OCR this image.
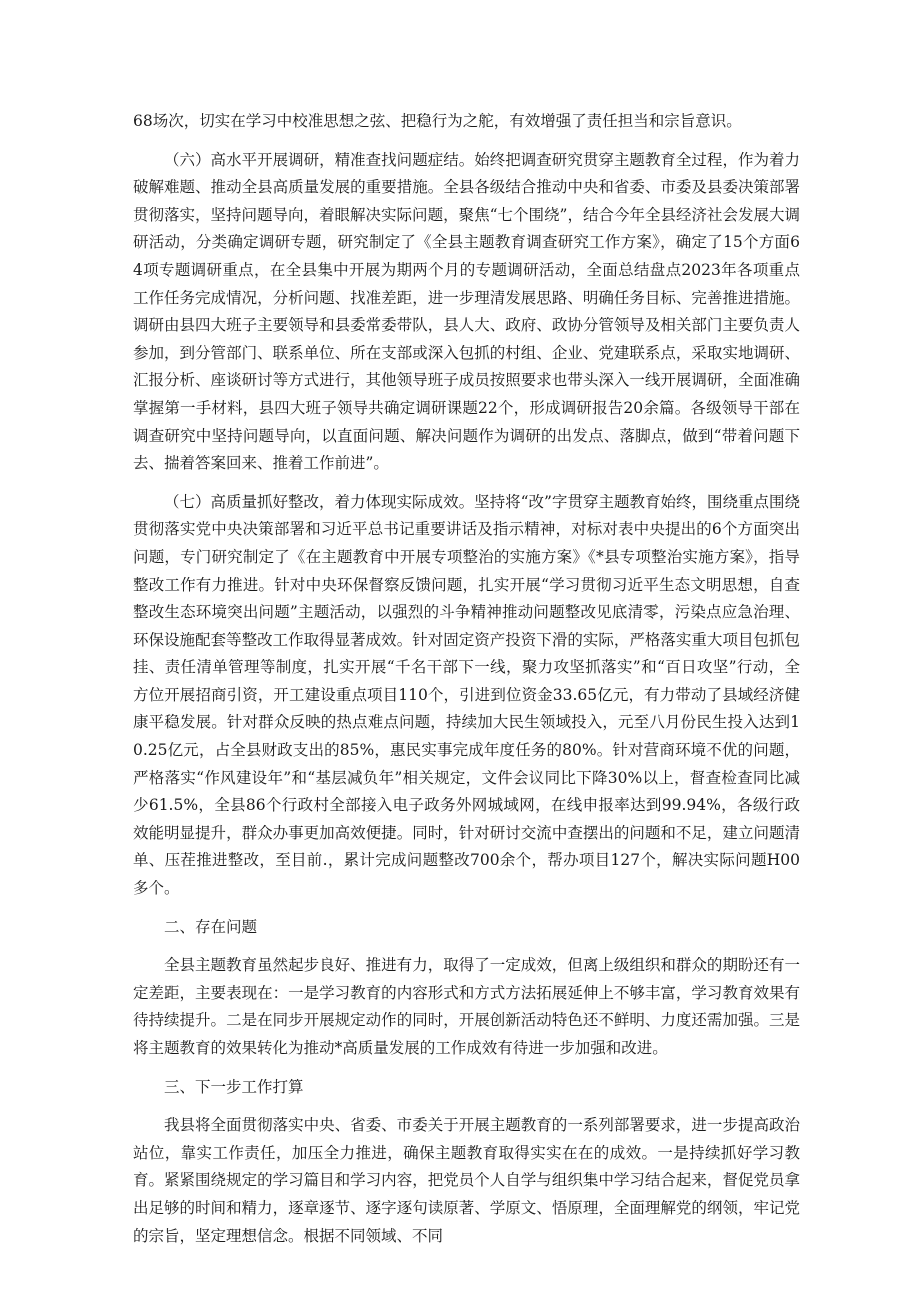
68场次，切实在学习中校准思想之弦、把稳行为之舵，有效增强了责任担当和宗旨意识。

（六）高水平开展调研，精准查找问题症结。始终把调查研究贯穿主题教育全过程，作为着力破解难题、推动全县高质量发展的重要措施。全县各级结合推动中央和省委、市委及县委决策部署贯彻落实，坚持问题导向，着眼解决实际问题，聚焦“七个围绕”，结合今年全县经济社会发展大调研活动，分类确定调研专题，研究制定了《全县主题教育调查研究工作方案》，确定了15个方面64项专题调研重点，在全县集中开展为期两个月的专题调研活动，全面总结盘点2023年各项重点工作任务完成情况，分析问题、找准差距，进一步理清发展思路、明确任务目标、完善推进措施。调研由县四大班子主要领导和县委常委带队，县人大、政府、政协分管领导及相关部门主要负责人参加，到分管部门、联系单位、所在支部或深入包抓的村组、企业、党建联系点，采取实地调研、汇报分析、座谈研讨等方式进行，其他领导班子成员按照要求也带头深入一线开展调研，全面准确掌握第一手材料，县四大班子领导共确定调研课题22个，形成调研报告20余篇。各级领导干部在调查研究中坚持问题导向，以直面问题、解决问题作为调研的出发点、落脚点，做到“带着问题下去、揣着答案回来、推着工作前进”。

（七）高质量抓好整改，着力体现实际成效。坚持将“改”字贯穿主题教育始终，围绕重点围绕贯彻落实党中央决策部署和习近平总书记重要讲话及指示精神，对标对表中央提出的6个方面突出问题，专门研究制定了《在主题教育中开展专项整治的实施方案》《*县专项整治实施方案》，指导整改工作有力推进。针对中央环保督察反馈问题，扎实开展“学习贯彻习近平生态文明思想，自查整改生态环境突出问题”主题活动，以强烈的斗争精神推动问题整改见底清零，污染点应急治理、环保设施配套等整改工作取得显著成效。针对固定资产投资下滑的实际，严格落实重大项目包抓包挂、责任清单管理等制度，扎实开展“千名干部下一线，聚力攻坚抓落实”和“百日攻坚”行动，全方位开展招商引资，开工建设重点项目110个，引进到位资金33.65亿元，有力带动了县域经济健康平稳发展。针对群众反映的热点难点问题，持续加大民生领域投入，元至八月份民生投入达到10.25亿元，占全县财政支出的85%，惠民实事完成年度任务的80%。针对营商环境不优的问题，严格落实“作风建设年”和“基层减负年”相关规定，文件会议同比下降30%以上，督查检查同比减少61.5%，全县86个行政村全部接入电子政务外网城域网，在线申报率达到99.94%，各级行政效能明显提升，群众办事更加高效便捷。同时，针对研讨交流中查摆出的问题和不足，建立问题清单、压茬推进整改，至目前.，累计完成问题整改700余个，帮办项目127个，解决实际问题H00多个。

二、存在问题

全县主题教育虽然起步良好、推进有力，取得了一定成效，但离上级组织和群众的期盼还有一定差距，主要表现在：一是学习教育的内容形式和方式方法拓展延伸上不够丰富，学习教育效果有待持续提升。二是在同步开展规定动作的同时，开展创新活动特色还不鲜明、力度还需加强。三是将主题教育的效果转化为推动*高质量发展的工作成效有待进一步加强和改进。

三、下一步工作打算

我县将全面贯彻落实中央、省委、市委关于开展主题教育的一系列部署要求，进一步提高政治站位，靠实工作责任，加压全力推进，确保主题教育取得实实在在的成效。一是持续抓好学习教育。紧紧围绕规定的学习篇目和学习内容，把党员个人自学与组织集中学习结合起来，督促党员拿出足够的时间和精力，逐章逐节、逐字逐句读原著、学原文、悟原理，全面理解党的纲领，牢记党的宗旨，坚定理想信念。根据不同领域、不同
